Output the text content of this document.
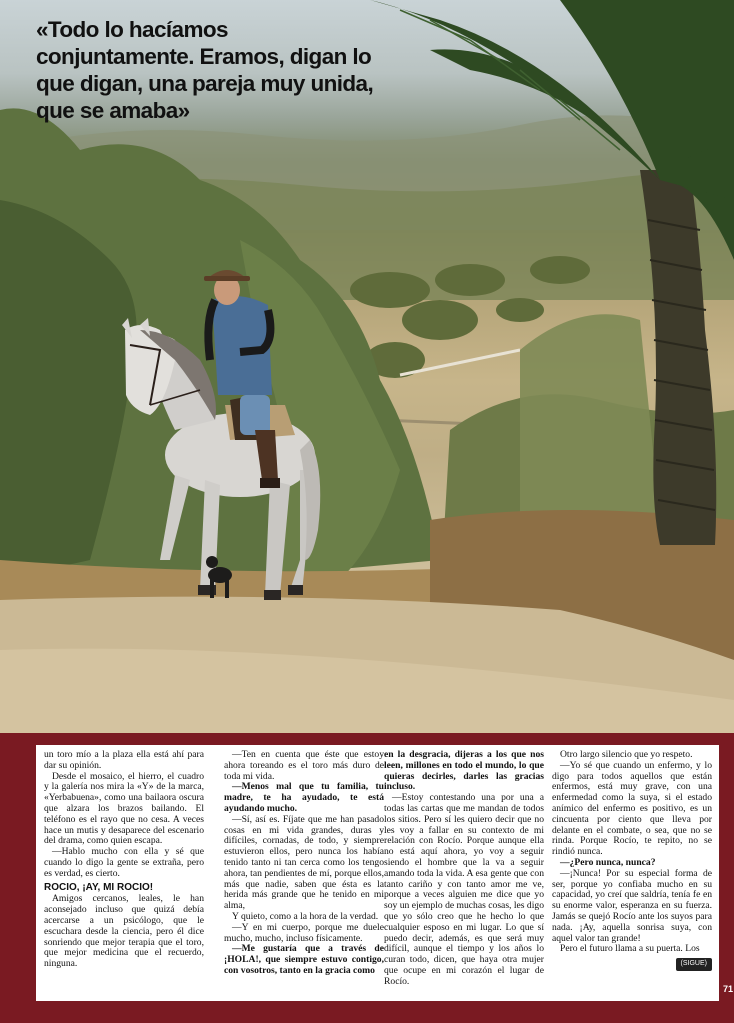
«Todo lo hacíamos conjuntamente. Eramos, digan lo que digan, una pareja muy unida, que se amaba»

un toro mío a la plaza ella está ahí para dar su opinión.

Desde el mosaico, el hierro, el cuadro y la galería nos mira la «Y» de la marca, «Yerbabuena», como una bailaora oscura que alzara los brazos bailando. El teléfono es el rayo que no cesa. A veces hace un mutis y desaparece del escenario del drama, como quien escapa.

—Hablo mucho con ella y sé que cuando lo digo la gente se extraña, pero es verdad, es cierto.

ROCIO, ¡AY, MI ROCIO!

Amigos cercanos, leales, le han aconsejado incluso que quizá debía acercarse a un psicólogo, que le escuchara desde la ciencia, pero él dice sonriendo que mejor terapia que el toro, que mejor medicina que el recuerdo, ninguna.

—Ten en cuenta que éste que estoy ahora toreando es el toro más duro de toda mi vida.

—Menos mal que tu familia, tu madre, te ha ayudado, te está ayudando mucho.

—Sí, así es. Fíjate que me han pasado cosas en mi vida grandes, duras y difíciles, cornadas, de todo, y siempre estuvieron ellos, pero nunca los había tenido tanto ni tan cerca como los tengo ahora, tan pendientes de mí, porque ellos, más que nadie, saben que ésta es la herida más grande que he tenido en mi alma,

Y quieto, como a la hora de la verdad.

—Y en mi cuerpo, porque me duele mucho, mucho, incluso físicamente.

—Me gustaría que a través de ¡HOLA!, que siempre estuvo contigo, con vosotros, tanto en la gracia como

en la desgracia, dijeras a los que nos leen, millones en todo el mundo, lo que quieras decirles, darles las gracias incluso.

—Estoy contestando una por una a todas las cartas que me mandan de todos los sitios. Pero sí les quiero decir que no les voy a fallar en su contexto de mi relación con Rocío. Porque aunque ella no está aquí ahora, yo voy a seguir siendo el hombre que la va a seguir amando toda la vida. A esa gente que con tanto cariño y con tanto amor me ve, porque a veces alguien me dice que yo soy un ejemplo de muchas cosas, les digo que yo sólo creo que he hecho lo que cualquier esposo en mi lugar. Lo que sí puedo decir, además, es que será muy difícil, aunque el tiempo y los años lo curan todo, dicen, que haya otra mujer que ocupe en mi corazón el lugar de Rocío.

Otro largo silencio que yo respeto.

—Yo sé que cuando un enfermo, y lo digo para todos aquellos que están enfermos, está muy grave, con una enfermedad como la suya, si el estado anímico del enfermo es positivo, es un cincuenta por ciento que lleva por delante en el combate, o sea, que no se rinda. Porque Rocío, te repito, no se rindió nunca.

—¿Pero nunca, nunca?

—¡Nunca! Por su especial forma de ser, porque yo confiaba mucho en su capacidad, yo creí que saldría, tenía fe en su enorme valor, esperanza en su fuerza. Jamás se quejó Rocío ante los suyos para nada. ¡Ay, aquella sonrisa suya, con aquel valor tan grande!

Pero el futuro llama a su puerta. Los

(SIGUE)

71
